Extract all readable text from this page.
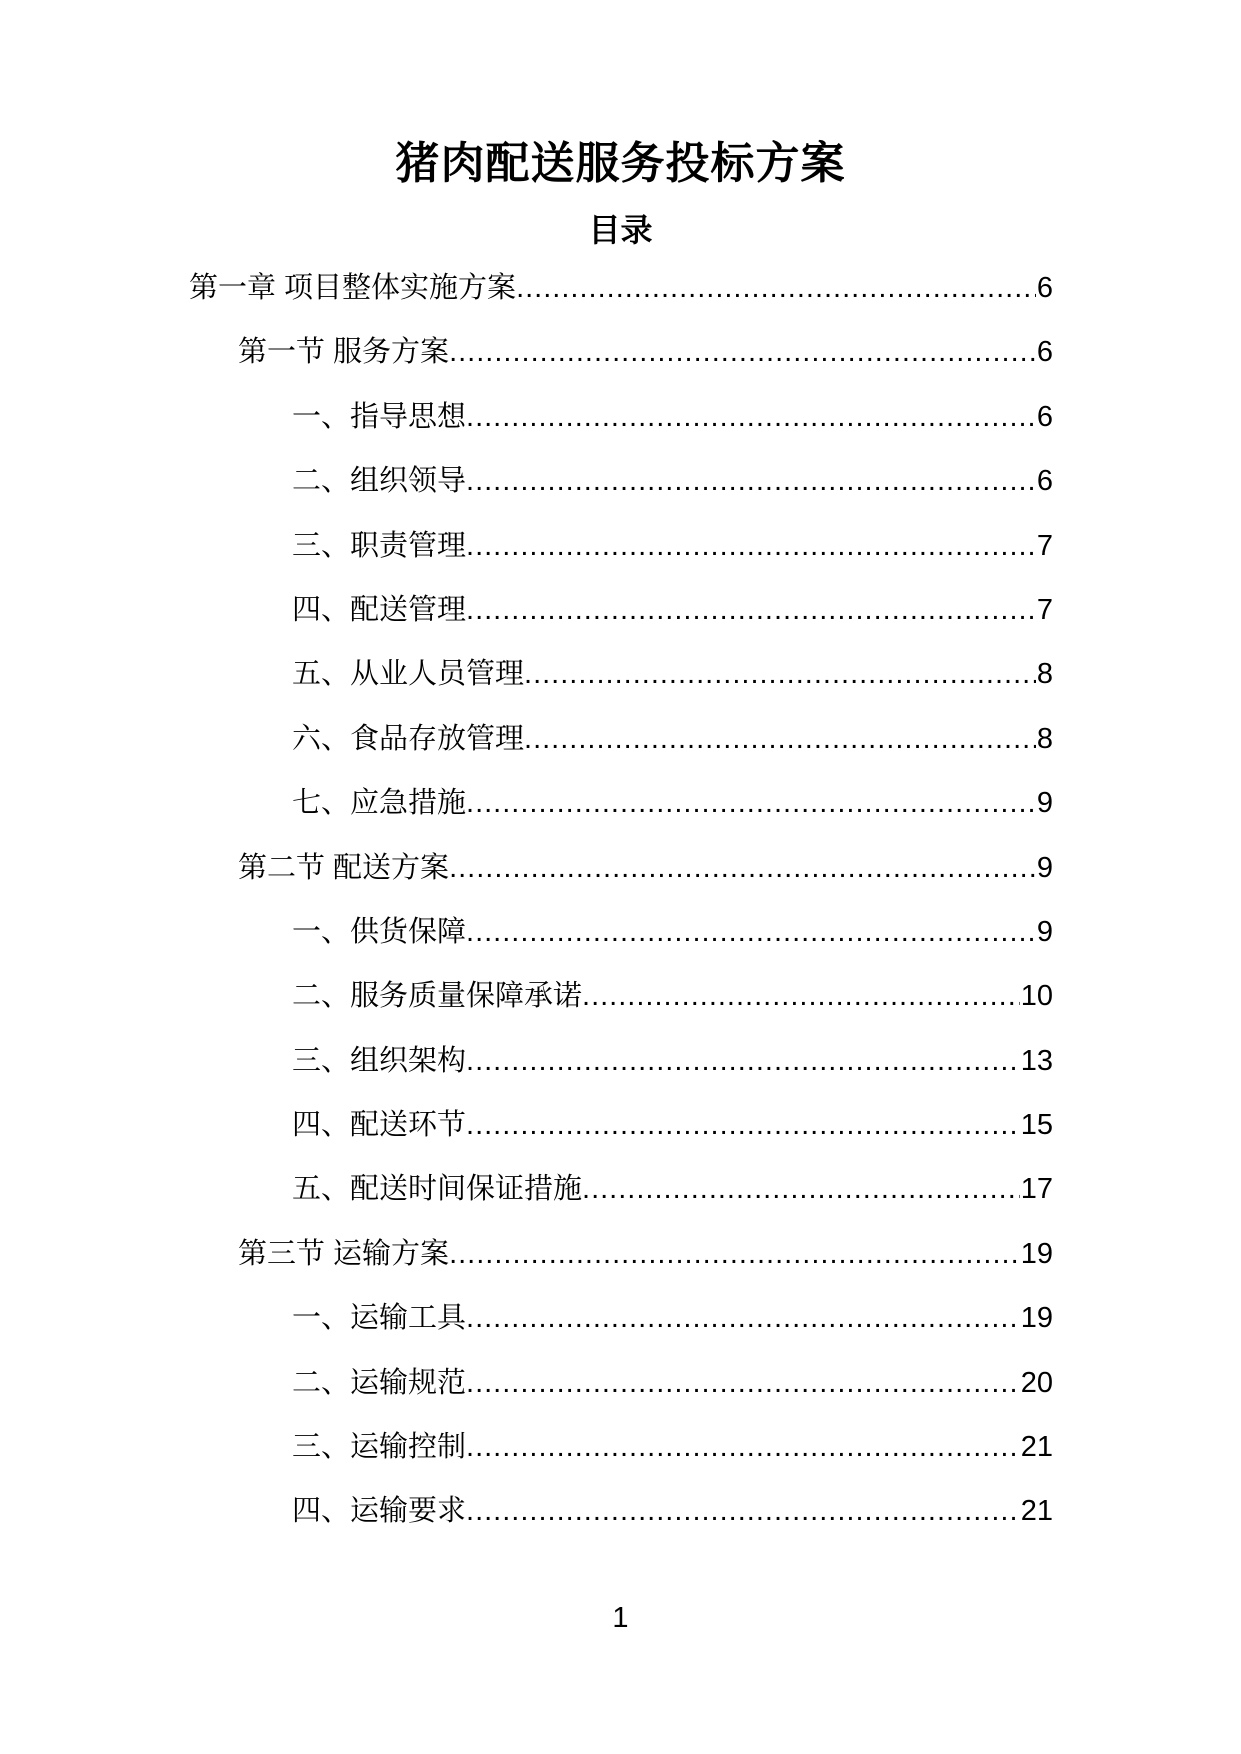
猪肉配送服务投标方案
目录
第一章 项目整体实施方案 .....	6
第一节 服务方案 .....	6
一、指导思想 .....	6
二、组织领导 .....	6
三、职责管理 .....	7
四、配送管理 .....	7
五、从业人员管理 .....	8
六、食品存放管理 .....	8
七、应急措施 .....	9
第二节 配送方案 .....	9
一、供货保障 .....	9
二、服务质量保障承诺 .....	10
三、组织架构 .....	13
四、配送环节 .....	15
五、配送时间保证措施 .....	17
第三节 运输方案 .....	19
一、运输工具 .....	19
二、运输规范 .....	20
三、运输控制 .....	21
四、运输要求 .....	21
1
